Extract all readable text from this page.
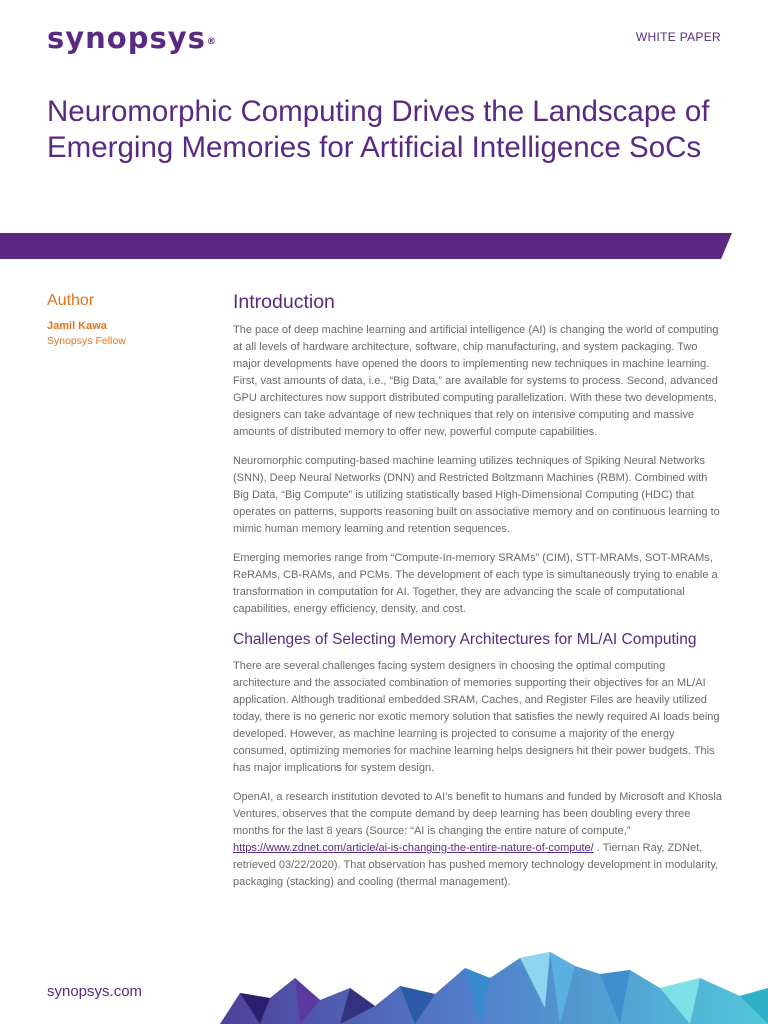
synopsys®	WHITE PAPER
Neuromorphic Computing Drives the Landscape of Emerging Memories for Artificial Intelligence SoCs
Author
Jamil Kawa
Synopsys Fellow
Introduction

The pace of deep machine learning and artificial intelligence (AI) is changing the world of computing at all levels of hardware architecture, software, chip manufacturing, and system packaging. Two major developments have opened the doors to implementing new techniques in machine learning. First, vast amounts of data, i.e., “Big Data,” are available for systems to process. Second, advanced GPU architectures now support distributed computing parallelization. With these two developments, designers can take advantage of new techniques that rely on intensive computing and massive amounts of distributed memory to offer new, powerful compute capabilities.

Neuromorphic computing-based machine learning utilizes techniques of Spiking Neural Networks (SNN), Deep Neural Networks (DNN) and Restricted Boltzmann Machines (RBM). Combined with Big Data, “Big Compute” is utilizing statistically based High-Dimensional Computing (HDC) that operates on patterns, supports reasoning built on associative memory and on continuous learning to mimic human memory learning and retention sequences.

Emerging memories range from “Compute-In-memory SRAMs” (CIM), STT-MRAMs, SOT-MRAMs, ReRAMs, CB-RAMs, and PCMs. The development of each type is simultaneously trying to enable a transformation in computation for AI. Together, they are advancing the scale of computational capabilities, energy efficiency, density, and cost.

Challenges of Selecting Memory Architectures for ML/AI Computing

There are several challenges facing system designers in choosing the optimal computing architecture and the associated combination of memories supporting their objectives for an ML/AI application. Although traditional embedded SRAM, Caches, and Register Files are heavily utilized today, there is no generic nor exotic memory solution that satisfies the newly required AI loads being developed. However, as machine learning is projected to consume a majority of the energy consumed, optimizing memories for machine learning helps designers hit their power budgets. This has major implications for system design.

OpenAI, a research institution devoted to AI’s benefit to humans and funded by Microsoft and Khosla Ventures, observes that the compute demand by deep learning has been doubling every three months for the last 8 years (Source: “AI is changing the entire nature of compute,” https://www.zdnet.com/article/ai-is-changing-the-entire-nature-of-compute/ . Tiernan Ray, ZDNet, retrieved 03/22/2020). That observation has pushed memory technology development in modularity, packaging (stacking) and cooling (thermal management).

synopsys.com
